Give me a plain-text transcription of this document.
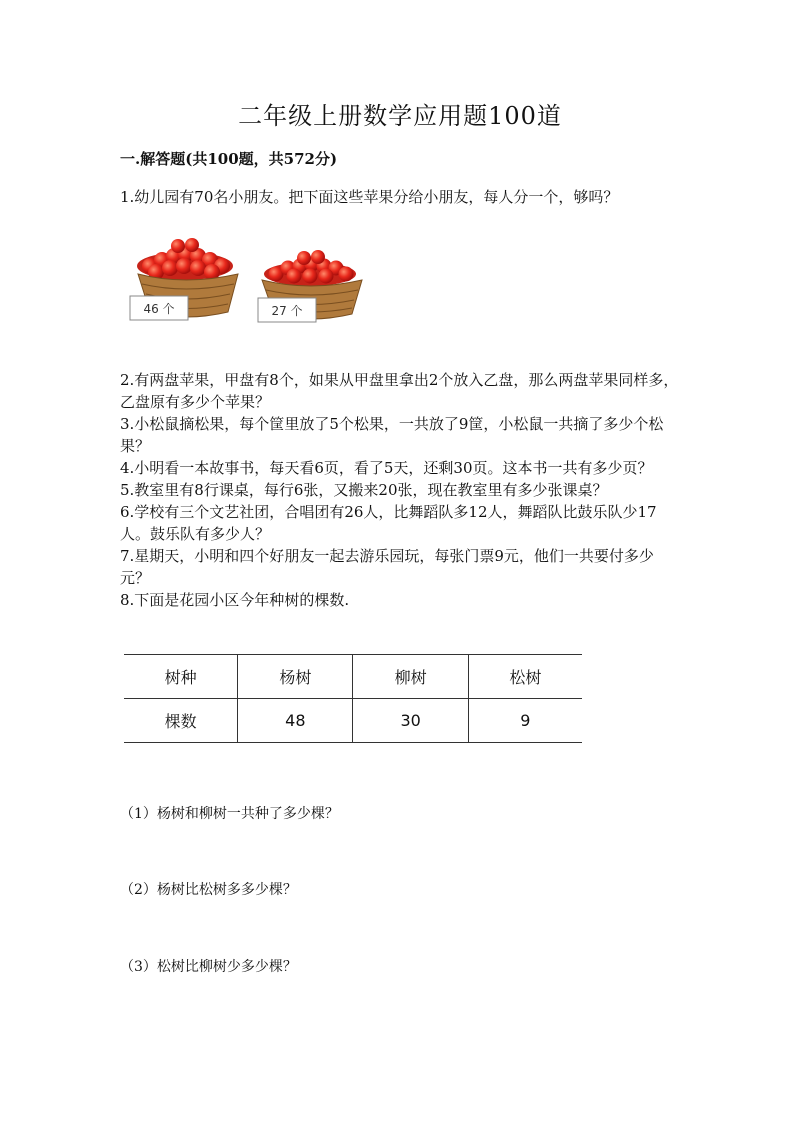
二年级上册数学应用题100道
一.解答题(共100题，共572分)
1.幼儿园有70名小朋友。把下面这些苹果分给小朋友，每人分一个，够吗？
46 个	27 个
2.有两盘苹果，甲盘有8个，如果从甲盘里拿出2个放入乙盘，那么两盘苹果同样多，乙盘原有多少个苹果？
3.小松鼠摘松果，每个筐里放了5个松果，一共放了9筐，小松鼠一共摘了多少个松果？
4.小明看一本故事书，每天看6页，看了5天，还剩30页。这本书一共有多少页？
5.教室里有8行课桌，每行6张，又搬来20张，现在教室里有多少张课桌？
6.学校有三个文艺社团，合唱团有26人，比舞蹈队多12人，舞蹈队比鼓乐队少17人。鼓乐队有多少人？
7.星期天，小明和四个好朋友一起去游乐园玩，每张门票9元，他们一共要付多少元？
8.下面是花园小区今年种树的棵数.
树种	杨树	柳树	松树
棵数	48	30	9
（1）杨树和柳树一共种了多少棵？
（2）杨树比松树多多少棵？
（3）松树比柳树少多少棵？
